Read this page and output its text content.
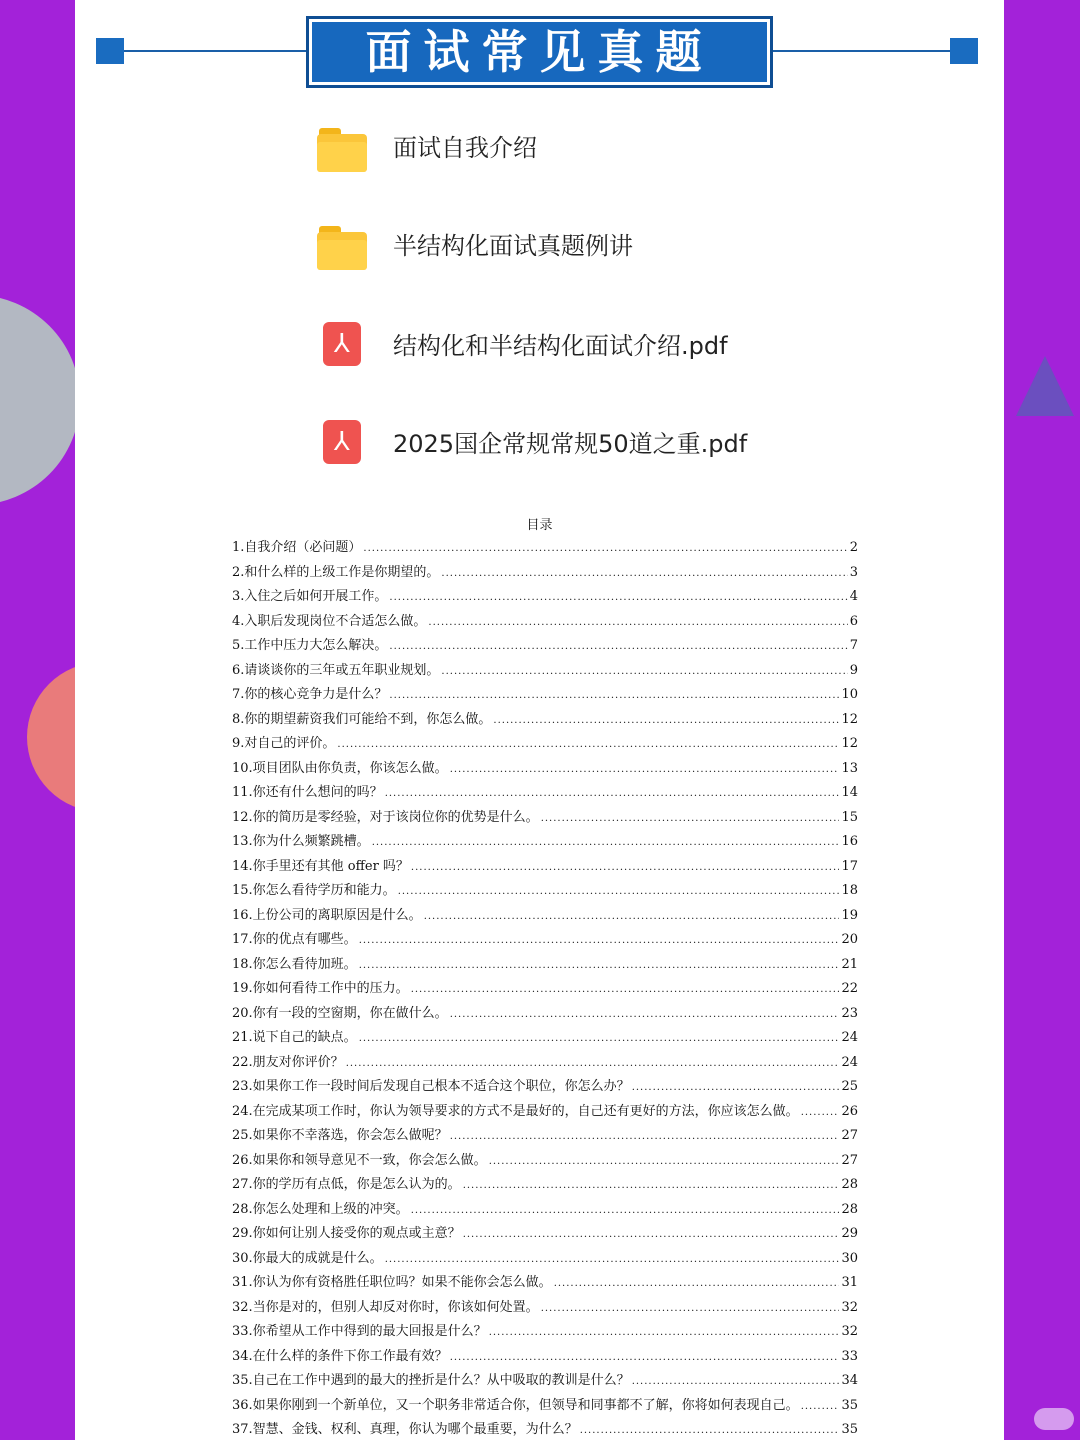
面试常见真题
面试自我介绍
半结构化面试真题例讲
⅄	结构化和半结构化面试介绍.pdf
⅄	2025国企常规常规50道之重.pdf
目录
1.自我介绍（必问题） .....	2
2.和什么样的上级工作是你期望的。 .....	3
3.入住之后如何开展工作。 .....	4
4.入职后发现岗位不合适怎么做。 .....	6
5.工作中压力大怎么解决。 .....	7
6.请谈谈你的三年或五年职业规划。 .....	9
7.你的核心竞争力是什么？ .....	10
8.你的期望薪资我们可能给不到，你怎么做。 .....	12
9.对自己的评价。 .....	12
10.项目团队由你负责，你该怎么做。 .....	13
11.你还有什么想问的吗？ .....	14
12.你的简历是零经验，对于该岗位你的优势是什么。 .....	15
13.你为什么频繁跳槽。 .....	16
14.你手里还有其他 offer 吗？ .....	17
15.你怎么看待学历和能力。 .....	18
16.上份公司的离职原因是什么。 .....	19
17.你的优点有哪些。 .....	20
18.你怎么看待加班。 .....	21
19.你如何看待工作中的压力。 .....	22
20.你有一段的空窗期，你在做什么。 .....	23
21.说下自己的缺点。 .....	24
22.朋友对你评价？ .....	24
23.如果你工作一段时间后发现自己根本不适合这个职位，你怎么办？ .....	25
24.在完成某项工作时，你认为领导要求的方式不是最好的，自己还有更好的方法，你应该怎么做。 .....	26
25.如果你不幸落选，你会怎么做呢？ .....	27
26.如果你和领导意见不一致，你会怎么做。 .....	27
27.你的学历有点低，你是怎么认为的。 .....	28
28.你怎么处理和上级的冲突。 .....	28
29.你如何让别人接受你的观点或主意？ .....	29
30.你最大的成就是什么。 .....	30
31.你认为你有资格胜任职位吗？如果不能你会怎么做。 .....	31
32.当你是对的，但别人却反对你时，你该如何处置。 .....	32
33.你希望从工作中得到的最大回报是什么？ .....	32
34.在什么样的条件下你工作最有效？ .....	33
35.自己在工作中遇到的最大的挫折是什么？从中吸取的教训是什么？ .....	34
36.如果你刚到一个新单位，又一个职务非常适合你，但领导和同事都不了解，你将如何表现自己。 .....	35
37.智慧、金钱、权利、真理，你认为哪个最重要，为什么？ .....	35
